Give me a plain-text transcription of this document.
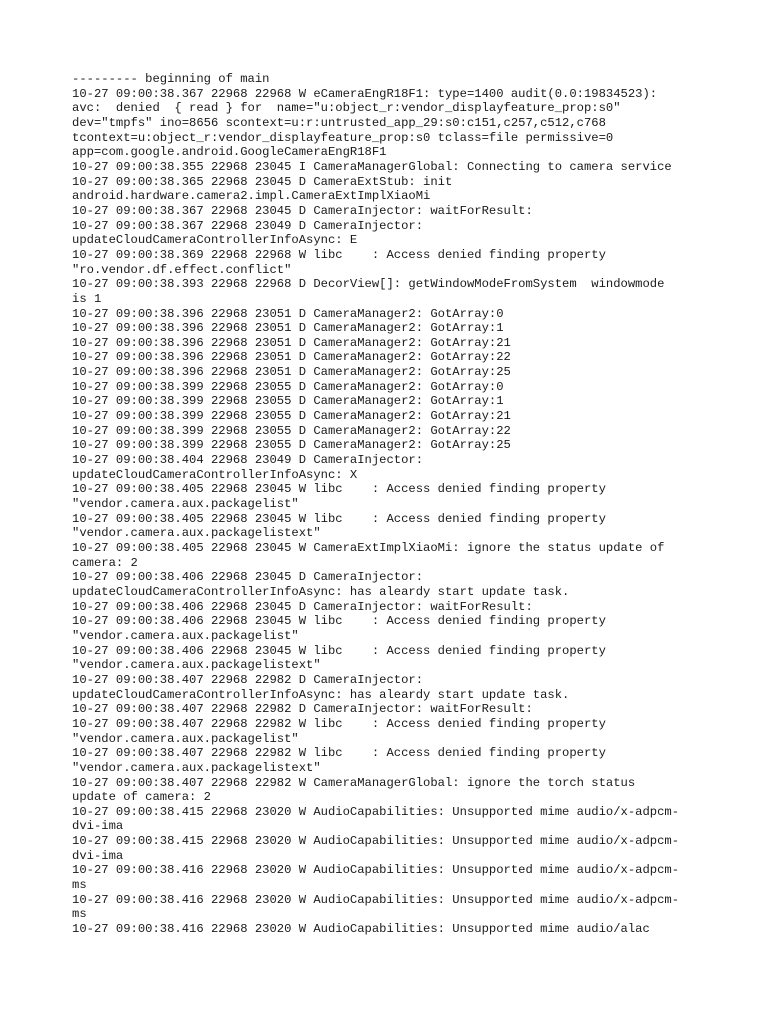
--------- beginning of main
10-27 09:00:38.367 22968 22968 W eCameraEngR18F1: type=1400 audit(0.0:19834523):
avc:  denied  { read } for  name="u:object_r:vendor_displayfeature_prop:s0"
dev="tmpfs" ino=8656 scontext=u:r:untrusted_app_29:s0:c151,c257,c512,c768
tcontext=u:object_r:vendor_displayfeature_prop:s0 tclass=file permissive=0
app=com.google.android.GoogleCameraEngR18F1
10-27 09:00:38.355 22968 23045 I CameraManagerGlobal: Connecting to camera service
10-27 09:00:38.365 22968 23045 D CameraExtStub: init
android.hardware.camera2.impl.CameraExtImplXiaoMi
10-27 09:00:38.367 22968 23045 D CameraInjector: waitForResult:
10-27 09:00:38.367 22968 23049 D CameraInjector:
updateCloudCameraControllerInfoAsync: E
10-27 09:00:38.369 22968 22968 W libc    : Access denied finding property
"ro.vendor.df.effect.conflict"
10-27 09:00:38.393 22968 22968 D DecorView[]: getWindowModeFromSystem  windowmode
is 1
10-27 09:00:38.396 22968 23051 D CameraManager2: GotArray:0
10-27 09:00:38.396 22968 23051 D CameraManager2: GotArray:1
10-27 09:00:38.396 22968 23051 D CameraManager2: GotArray:21
10-27 09:00:38.396 22968 23051 D CameraManager2: GotArray:22
10-27 09:00:38.396 22968 23051 D CameraManager2: GotArray:25
10-27 09:00:38.399 22968 23055 D CameraManager2: GotArray:0
10-27 09:00:38.399 22968 23055 D CameraManager2: GotArray:1
10-27 09:00:38.399 22968 23055 D CameraManager2: GotArray:21
10-27 09:00:38.399 22968 23055 D CameraManager2: GotArray:22
10-27 09:00:38.399 22968 23055 D CameraManager2: GotArray:25
10-27 09:00:38.404 22968 23049 D CameraInjector:
updateCloudCameraControllerInfoAsync: X
10-27 09:00:38.405 22968 23045 W libc    : Access denied finding property
"vendor.camera.aux.packagelist"
10-27 09:00:38.405 22968 23045 W libc    : Access denied finding property
"vendor.camera.aux.packagelistext"
10-27 09:00:38.405 22968 23045 W CameraExtImplXiaoMi: ignore the status update of
camera: 2
10-27 09:00:38.406 22968 23045 D CameraInjector:
updateCloudCameraControllerInfoAsync: has aleardy start update task.
10-27 09:00:38.406 22968 23045 D CameraInjector: waitForResult:
10-27 09:00:38.406 22968 23045 W libc    : Access denied finding property
"vendor.camera.aux.packagelist"
10-27 09:00:38.406 22968 23045 W libc    : Access denied finding property
"vendor.camera.aux.packagelistext"
10-27 09:00:38.407 22968 22982 D CameraInjector:
updateCloudCameraControllerInfoAsync: has aleardy start update task.
10-27 09:00:38.407 22968 22982 D CameraInjector: waitForResult:
10-27 09:00:38.407 22968 22982 W libc    : Access denied finding property
"vendor.camera.aux.packagelist"
10-27 09:00:38.407 22968 22982 W libc    : Access denied finding property
"vendor.camera.aux.packagelistext"
10-27 09:00:38.407 22968 22982 W CameraManagerGlobal: ignore the torch status
update of camera: 2
10-27 09:00:38.415 22968 23020 W AudioCapabilities: Unsupported mime audio/x-adpcm-
dvi-ima
10-27 09:00:38.415 22968 23020 W AudioCapabilities: Unsupported mime audio/x-adpcm-
dvi-ima
10-27 09:00:38.416 22968 23020 W AudioCapabilities: Unsupported mime audio/x-adpcm-
ms
10-27 09:00:38.416 22968 23020 W AudioCapabilities: Unsupported mime audio/x-adpcm-
ms
10-27 09:00:38.416 22968 23020 W AudioCapabilities: Unsupported mime audio/alac
